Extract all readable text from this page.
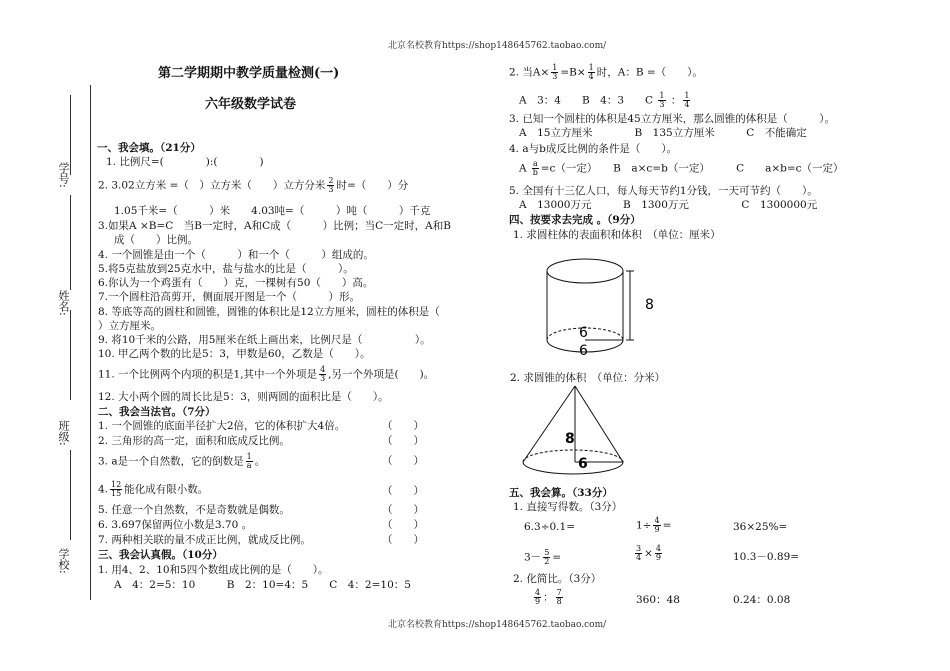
北京名校教育https://shop148645762.taobao.com/
北京名校教育https://shop148645762.taobao.com/
学号:
姓名:
班级:
学校:
第二学期期中教学质量检测(一)
六年级数学试卷
一、我会填。（21分）
1. 比例尺=(　　　　):(　　　　)
2. 3.02立方米 =（　）立方米（　　）立方分米 $\frac{2}{3}$ 时=（　　）分
1.05千米=（　　　）米　　4.03吨=（　　　）吨（　　　）千克
3.如果A ×B=C　当B一定时，A和C成（　　　）比例；当C一定时，A和B
成（　　）比例。
4. 一个圆锥是由一个（　　　）和一个（　　　）组成的。
5.将5克盐放到25克水中，盐与盐水的比是（　　　）。
6.你认为一个鸡蛋有（　　）克，一棵树有50（　　）高。
7.一个圆柱沿高剪开，侧面展开图是一个（　　　）形。
8. 等底等高的圆柱和圆锥，圆锥的体积比是12立方厘米，圆柱的体积是（
）立方厘米。
9. 将10千米的公路，用5厘米在纸上画出来，比例尺是（　　　　　）。
10. 甲乙两个数的比是5：3，甲数是60，乙数是（　　）。
11. 一个比例两个内项的积是1,其中一个外项是 $\frac{4}{3}$ ,另一个外项是(　　)。
12. 大小两个圆的周长比是5：3，则两圆的面积比是（　　）。
二、我会当法官。（7分）
1. 一个圆锥的底面半径扩大2倍，它的体积扩大4倍。	（　　）
2. 三角形的高一定，面积和底成反比例。	（　　）
3. a是一个自然数，它的倒数是 $\frac{1}{a}$ 。	（　　）
4. $\frac{12}{15}$ 能化成有限小数。	（　　）
5. 任意一个自然数，不是奇数就是偶数。	（　　）
6. 3.697保留两位小数是3.70 。	（　　）
7. 两种相关联的量不成正比例，就成反比例。	（　　）
三、我会认真假。（10分）
1. 用4、2、10和5四个数组成比例的是（　　）。
A　4：2=5：10　　　B　2：10=4：5　　C　4：2=10：5
2. 当$A\times \frac{1}{3} =B\times \frac{1}{4}$ 时，A：B =（　　）。
A　3：4　　B　4：3　　C $\frac{1}{3}$ ： $\frac{1}{4}$
3. 已知一个圆柱的体积是45立方厘米，那么圆锥的体积是（　　　）。
A　15立方厘米　　　　B　135立方厘米　　　C　不能确定
4. a与b成反比例的条件是（　　）。
A $\frac{a}{b} =c$（一定）　　B　a×c=b（一定）　　　C　　a×b=c（一定）
5. 全国有十三亿人口，每人每天节约1分钱，一天可节约（　　）。
A　13000万元　　　B　1300万元　　　　　C　1300000元
四、按要求去完成 。（9分）
1. 求圆柱体的表面积和体积　（单位：厘米）
8
6
6
2. 求圆锥的体积　（单位：分米）
8
6
五、我会算。（33分）
1. 直接写得数。（3分）
6.3÷0.1=	$1\div \frac{4}{9}$ =	36×25%=
$3- \frac{5}{2}$ =	$\frac{3}{4} \times \frac{4}{9}$	10.3－0.89=
2. 化简比。（3分）
$\frac{4}{9}$ ： $\frac{7}{8}$	360：48	0.24：0.08
